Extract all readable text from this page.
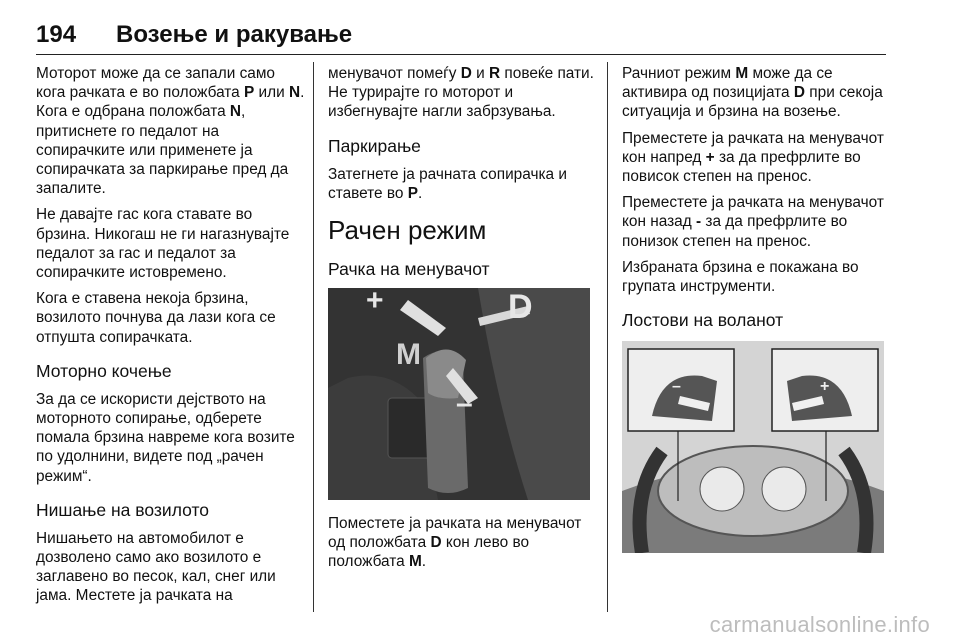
194 Возење и ракување

Моторот може да се запали само кога рачката е во положбата P или N. Кога е одбрана положбата N, притиснете го педалот на сопирачките или применете ја сопирачката за паркирање пред да запалите.

Не давајте гас кога ставате во брзина. Никогаш не ги нагазнувајте педалот за гас и педалот за сопирачките истовремено.

Кога е ставена некоја брзина, возилото почнува да лази кога се отпушта сопирачката.

Моторно кочење

За да се искористи дејството на моторното сопирање, одберете помала брзина навреме кога возите по удолнини, видете под „рачен режим“.

Нишање на возилото

Нишањето на автомобилот е дозволено само ако возилото е заглавено во песок, кал, снег или јама. Местете ја рачката на

менувачот помеѓу D и R повеќе пати. Не турирајте го моторот и избегнувајте нагли забрзувања.

Паркирање

Затегнете ја рачната сопирачка и ставете во P.

Рачен режим
Рачка на менувачот
+	D
M
–

Поместете ја рачката на менувачот од положбата D кон лево во положбата M.

Рачниот режим M може да се активира од позицијата D при секоја ситуација и брзина на возење.

Преместете ја рачката на менувачот кон напред + за да префрлите во повисок степен на пренос.

Преместете ја рачката на менувачот кон назад - за да префрлите во понизок степен на пренос.

Избраната брзина е покажана во групата инструменти.

Лостови на воланот
–	+
carmanualsonline.info
